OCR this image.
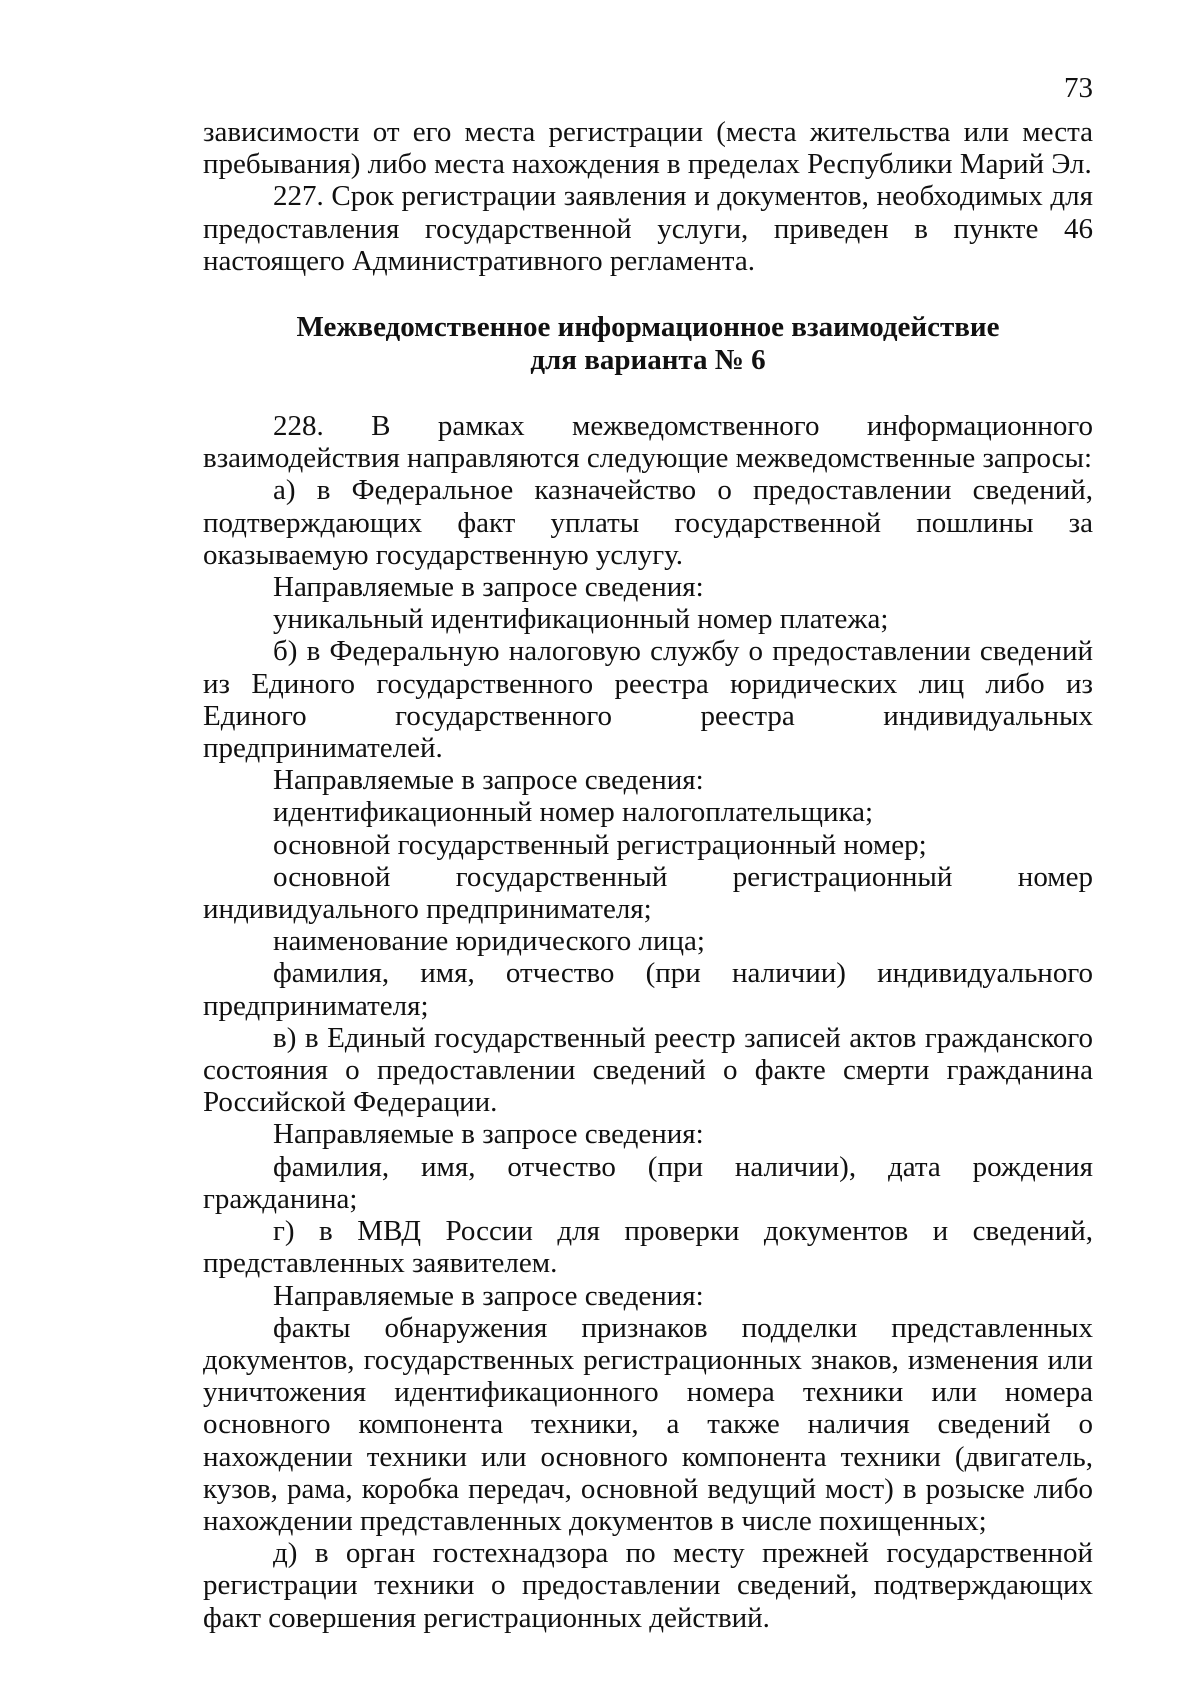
73

зависимости от его места регистрации (места жительства или места пребывания) либо места нахождения в пределах Республики Марий Эл.

227. Срок регистрации заявления и документов, необходимых для предоставления государственной услуги, приведен в пункте 46 настоящего Административного регламента.

Межведомственное информационное взаимодействие
для варианта № 6

228. В рамках межведомственного информационного взаимодействия направляются следующие межведомственные запросы:

а) в Федеральное казначейство о предоставлении сведений, подтверждающих факт уплаты государственной пошлины за оказываемую государственную услугу.

Направляемые в запросе сведения:

уникальный идентификационный номер платежа;

б) в Федеральную налоговую службу о предоставлении сведений из Единого государственного реестра юридических лиц либо из Единого государственного реестра индивидуальных предпринимателей.

Направляемые в запросе сведения:

идентификационный номер налогоплательщика;

основной государственный регистрационный номер;

основной государственный регистрационный номер индивидуального предпринимателя;

наименование юридического лица;

фамилия, имя, отчество (при наличии) индивидуального предпринимателя;

в) в Единый государственный реестр записей актов гражданского состояния о предоставлении сведений о факте смерти гражданина Российской Федерации.

Направляемые в запросе сведения:

фамилия, имя, отчество (при наличии), дата рождения гражданина;

г) в МВД России для проверки документов и сведений, представленных заявителем.

Направляемые в запросе сведения:

факты обнаружения признаков подделки представленных документов, государственных регистрационных знаков, изменения или уничтожения идентификационного номера техники или номера основного компонента техники, а также наличия сведений о нахождении техники или основного компонента техники (двигатель, кузов, рама, коробка передач, основной ведущий мост) в розыске либо нахождении представленных документов в числе похищенных;

д) в орган гостехнадзора по месту прежней государственной регистрации техники о предоставлении сведений, подтверждающих факт совершения регистрационных действий.
